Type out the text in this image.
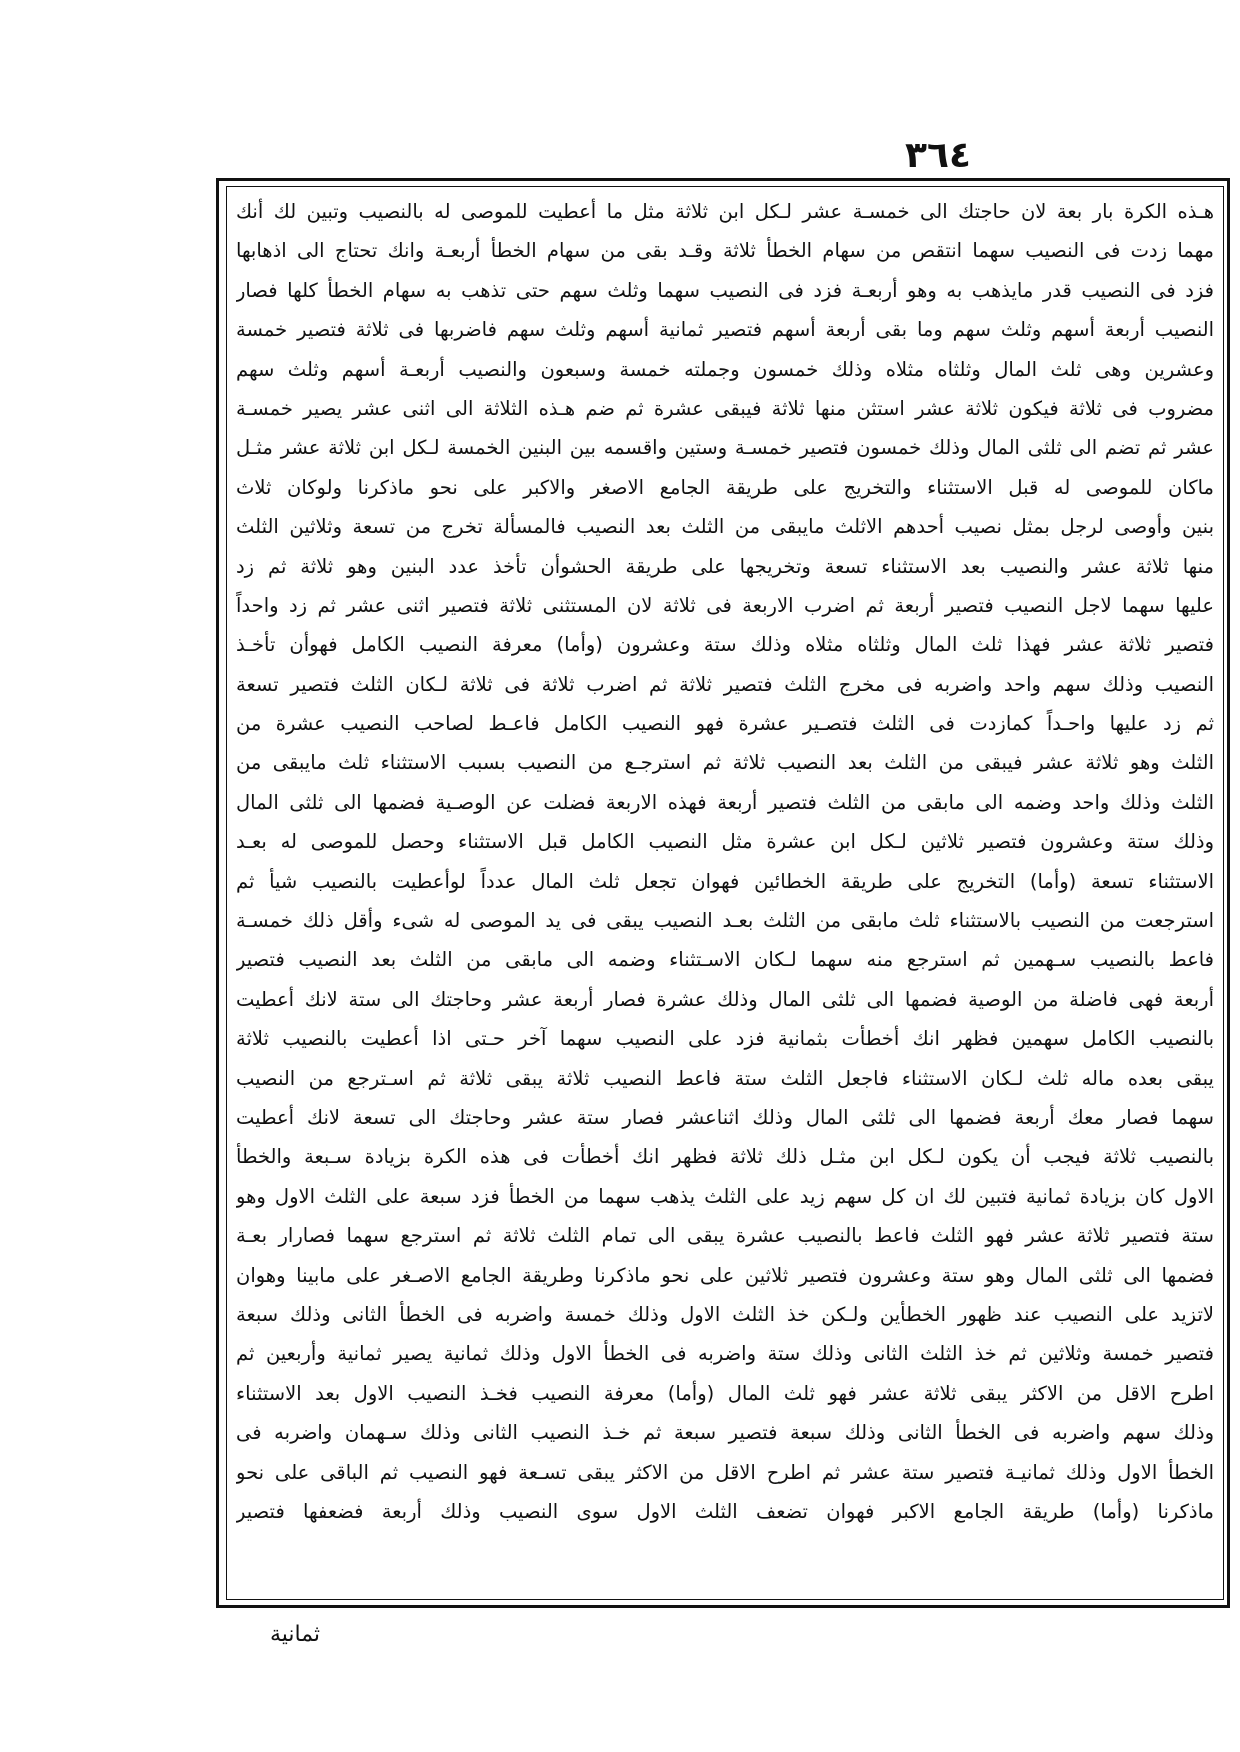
٣٦٤
هـذه الكرة بار بعة لان حاجتك الى خمسـة عشر لـكل ابن ثلاثة مثل ما أعطيت للموصى له بالنصيب وتبين لك أنك
مهما زدت فى النصيب سهما انتقص من سهام الخطأ ثلاثة وقـد بقى من سهام الخطأ أربعـة وانك تحتاج الى اذهابها
فزد فى النصيب قدر مايذهب به وهو أربعـة فزد فى النصيب سهما وثلث سهم حتى تذهب به سهام الخطأ كلها فصار
النصيب أربعة أسهم وثلث سهم وما بقى أربعة أسهم فتصير ثمانية أسهم وثلث سهم فاضربها فى ثلاثة فتصير خمسة
وعشرين وهى ثلث المال وثلثاه مثلاه وذلك خمسون وجملته خمسة وسبعون والنصيب أربعـة أسهم وثلث سهم
مضروب فى ثلاثة فيكون ثلاثة عشر استثن منها ثلاثة فيبقى عشرة ثم ضم هـذه الثلاثة الى اثنى عشر يصير خمسـة
عشر ثم تضم الى ثلثى المال وذلك خمسون فتصير خمسـة وستين واقسمه بين البنين الخمسة لـكل ابن ثلاثة عشر مثـل
ماكان للموصى له قبل الاستثناء والتخريج على طريقة الجامع الاصغر والاكبر على نحو ماذكرنا ولوكان ثلاث
بنين وأوصى لرجل بمثل نصيب أحدهم الاثلث مايبقى من الثلث بعد النصيب فالمسألة تخرج من تسعة وثلاثين الثلث
منها ثلاثة عشر والنصيب بعد الاستثناء تسعة وتخريجها على طريقة الحشوأن تأخذ عدد البنين وهو ثلاثة ثم زد
عليها سهما لاجل النصيب فتصير أربعة ثم اضرب الاربعة فى ثلاثة لان المستثنى ثلاثة فتصير اثنى عشر ثم زد واحداً
فتصير ثلاثة عشر فهذا ثلث المال وثلثاه مثلاه وذلك ستة وعشرون (وأما) معرفة النصيب الكامل فهوأن تأخـذ
النصيب وذلك سهم واحد واضربه فى مخرج الثلث فتصير ثلاثة ثم اضرب ثلاثة فى ثلاثة لـكان الثلث فتصير تسعة
ثم زد عليها واحـداً كمازدت فى الثلث فتصـير عشرة فهو النصيب الكامل فاعـط لصاحب النصيب عشرة من
الثلث وهو ثلاثة عشر فيبقى من الثلث بعد النصيب ثلاثة ثم استرجـع من النصيب بسبب الاستثناء ثلث مايبقى من
الثلث وذلك واحد وضمه الى مابقى من الثلث فتصير أربعة فهذه الاربعة فضلت عن الوصـية فضمها الى ثلثى المال
وذلك ستة وعشرون فتصير ثلاثين لـكل ابن عشرة مثل النصيب الكامل قبل الاستثناء وحصل للموصى له بعـد
الاستثناء تسعة (وأما) التخريج على طريقة الخطائين فهوان تجعل ثلث المال عدداً لوأعطيت بالنصيب شيأ ثم
استرجعت من النصيب بالاستثناء ثلث مابقى من الثلث بعـد النصيب يبقى فى يد الموصى له شىء وأقل ذلك خمسـة
فاعط بالنصيب سـهمين ثم استرجع منه سهما لـكان الاسـتثناء وضمه الى مابقى من الثلث بعد النصيب فتصير
أربعة فهى فاضلة من الوصية فضمها الى ثلثى المال وذلك عشرة فصار أربعة عشر وحاجتك الى ستة لانك أعطيت
بالنصيب الكامل سهمين فظهر انك أخطأت بثمانية فزد على النصيب سهما آخر حـتى اذا أعطيت بالنصيب ثلاثة
يبقى بعده ماله ثلث لـكان الاستثناء فاجعل الثلث ستة فاعط النصيب ثلاثة يبقى ثلاثة ثم اسـترجع من النصيب
سهما فصار معك أربعة فضمها الى ثلثى المال وذلك اثناعشر فصار ستة عشر وحاجتك الى تسعة لانك أعطيت
بالنصيب ثلاثة فيجب أن يكون لـكل ابن مثـل ذلك ثلاثة فظهر انك أخطأت فى هذه الكرة بزيادة سـبعة والخطأ
الاول كان بزيادة ثمانية فتبين لك ان كل سهم زيد على الثلث يذهب سهما من الخطأ فزد سبعة على الثلث الاول وهو
ستة فتصير ثلاثة عشر فهو الثلث فاعط بالنصيب عشرة يبقى الى تمام الثلث ثلاثة ثم استرجع سهما فصارار بعـة
فضمها الى ثلثى المال وهو ستة وعشرون فتصير ثلاثين على نحو ماذكرنا وطريقة الجامع الاصـغر على مابينا وهوان
لاتزيد على النصيب عند ظهور الخطأين ولـكن خذ الثلث الاول وذلك خمسة واضربه فى الخطأ الثانى وذلك سبعة
فتصير خمسة وثلاثين ثم خذ الثلث الثانى وذلك ستة واضربه فى الخطأ الاول وذلك ثمانية يصير ثمانية وأربعين ثم
اطرح الاقل من الاكثر يبقى ثلاثة عشر فهو ثلث المال (وأما) معرفة النصيب فخـذ النصيب الاول بعد الاستثناء
وذلك سهم واضربه فى الخطأ الثانى وذلك سبعة فتصير سبعة ثم خـذ النصيب الثانى وذلك سـهمان واضربه فى
الخطأ الاول وذلك ثمانيـة فتصير ستة عشر ثم اطرح الاقل من الاكثر يبقى تسـعة فهو النصيب ثم الباقى على نحو
ماذكرنا (وأما) طريقة الجامع الاكبر فهوان تضعف الثلث الاول سوى النصيب وذلك أربعة فضعفها فتصير
ثمانية
